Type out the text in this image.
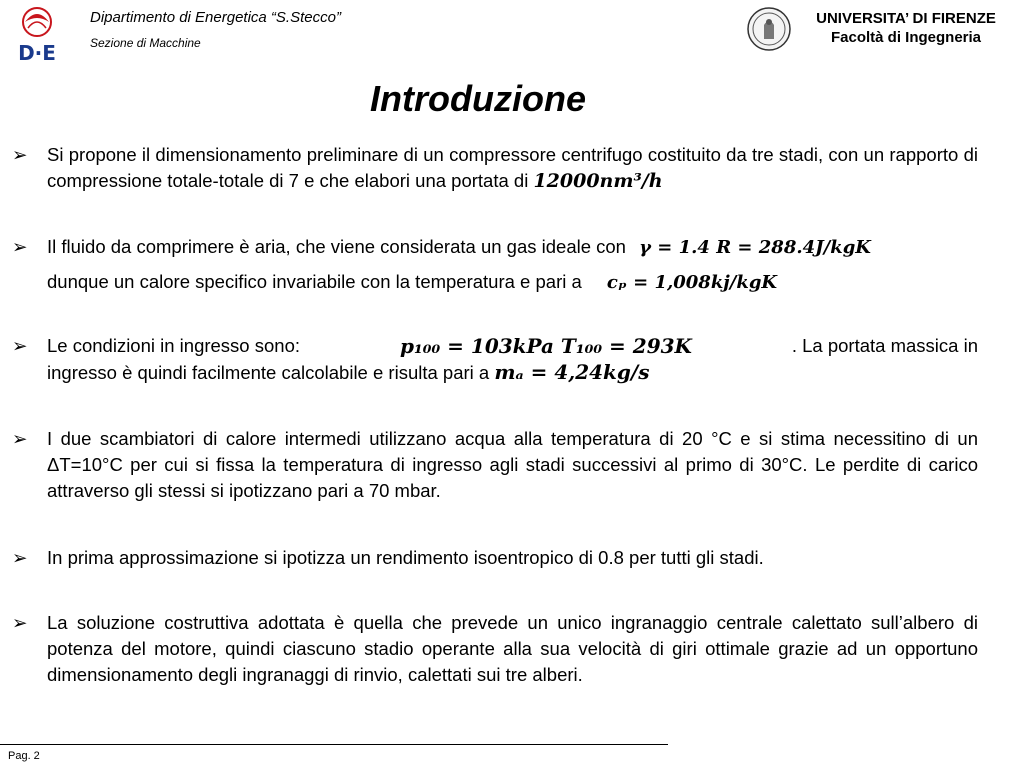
D·E
Dipartimento di Energetica “S.Stecco”
Sezione di Macchine
UNIVERSITA’ DI FIRENZE
Facoltà di Ingegneria
Introduzione
➢ Si propone il dimensionamento preliminare di un compressore centrifugo costituito da tre stadi, con un rapporto di compressione totale-totale di 7 e che elabori una portata di 12000nm³/h
➢ Il fluido da comprimere è aria, che viene considerata un gas ideale con γ = 1.4 R = 288.4J/kgK
dunque un calore specifico invariabile con la temperatura e pari a cₚ = 1,008kj/kgK
➢ Le condizioni in ingresso sono:	p₁₀₀ = 103kPa T₁₀₀ = 293K	. La portata massica in
ingresso è quindi facilmente calcolabile e risulta pari a mₐ = 4,24kg/s
➢ I due scambiatori di calore intermedi utilizzano acqua alla temperatura di 20 °C e si stima necessitino di un ΔT=10°C per cui si fissa la temperatura di ingresso agli stadi successivi al primo di 30°C. Le perdite di carico attraverso gli stessi si ipotizzano pari a 70 mbar.
➢ In prima approssimazione si ipotizza un rendimento isoentropico di 0.8 per tutti gli stadi.
➢ La soluzione costruttiva adottata è quella che prevede un unico ingranaggio centrale calettato sull’albero di potenza del motore, quindi ciascuno stadio operante alla sua velocità di giri ottimale grazie ad un opportuno dimensionamento degli ingranaggi di rinvio, calettati sui tre alberi.
Pag. 2
